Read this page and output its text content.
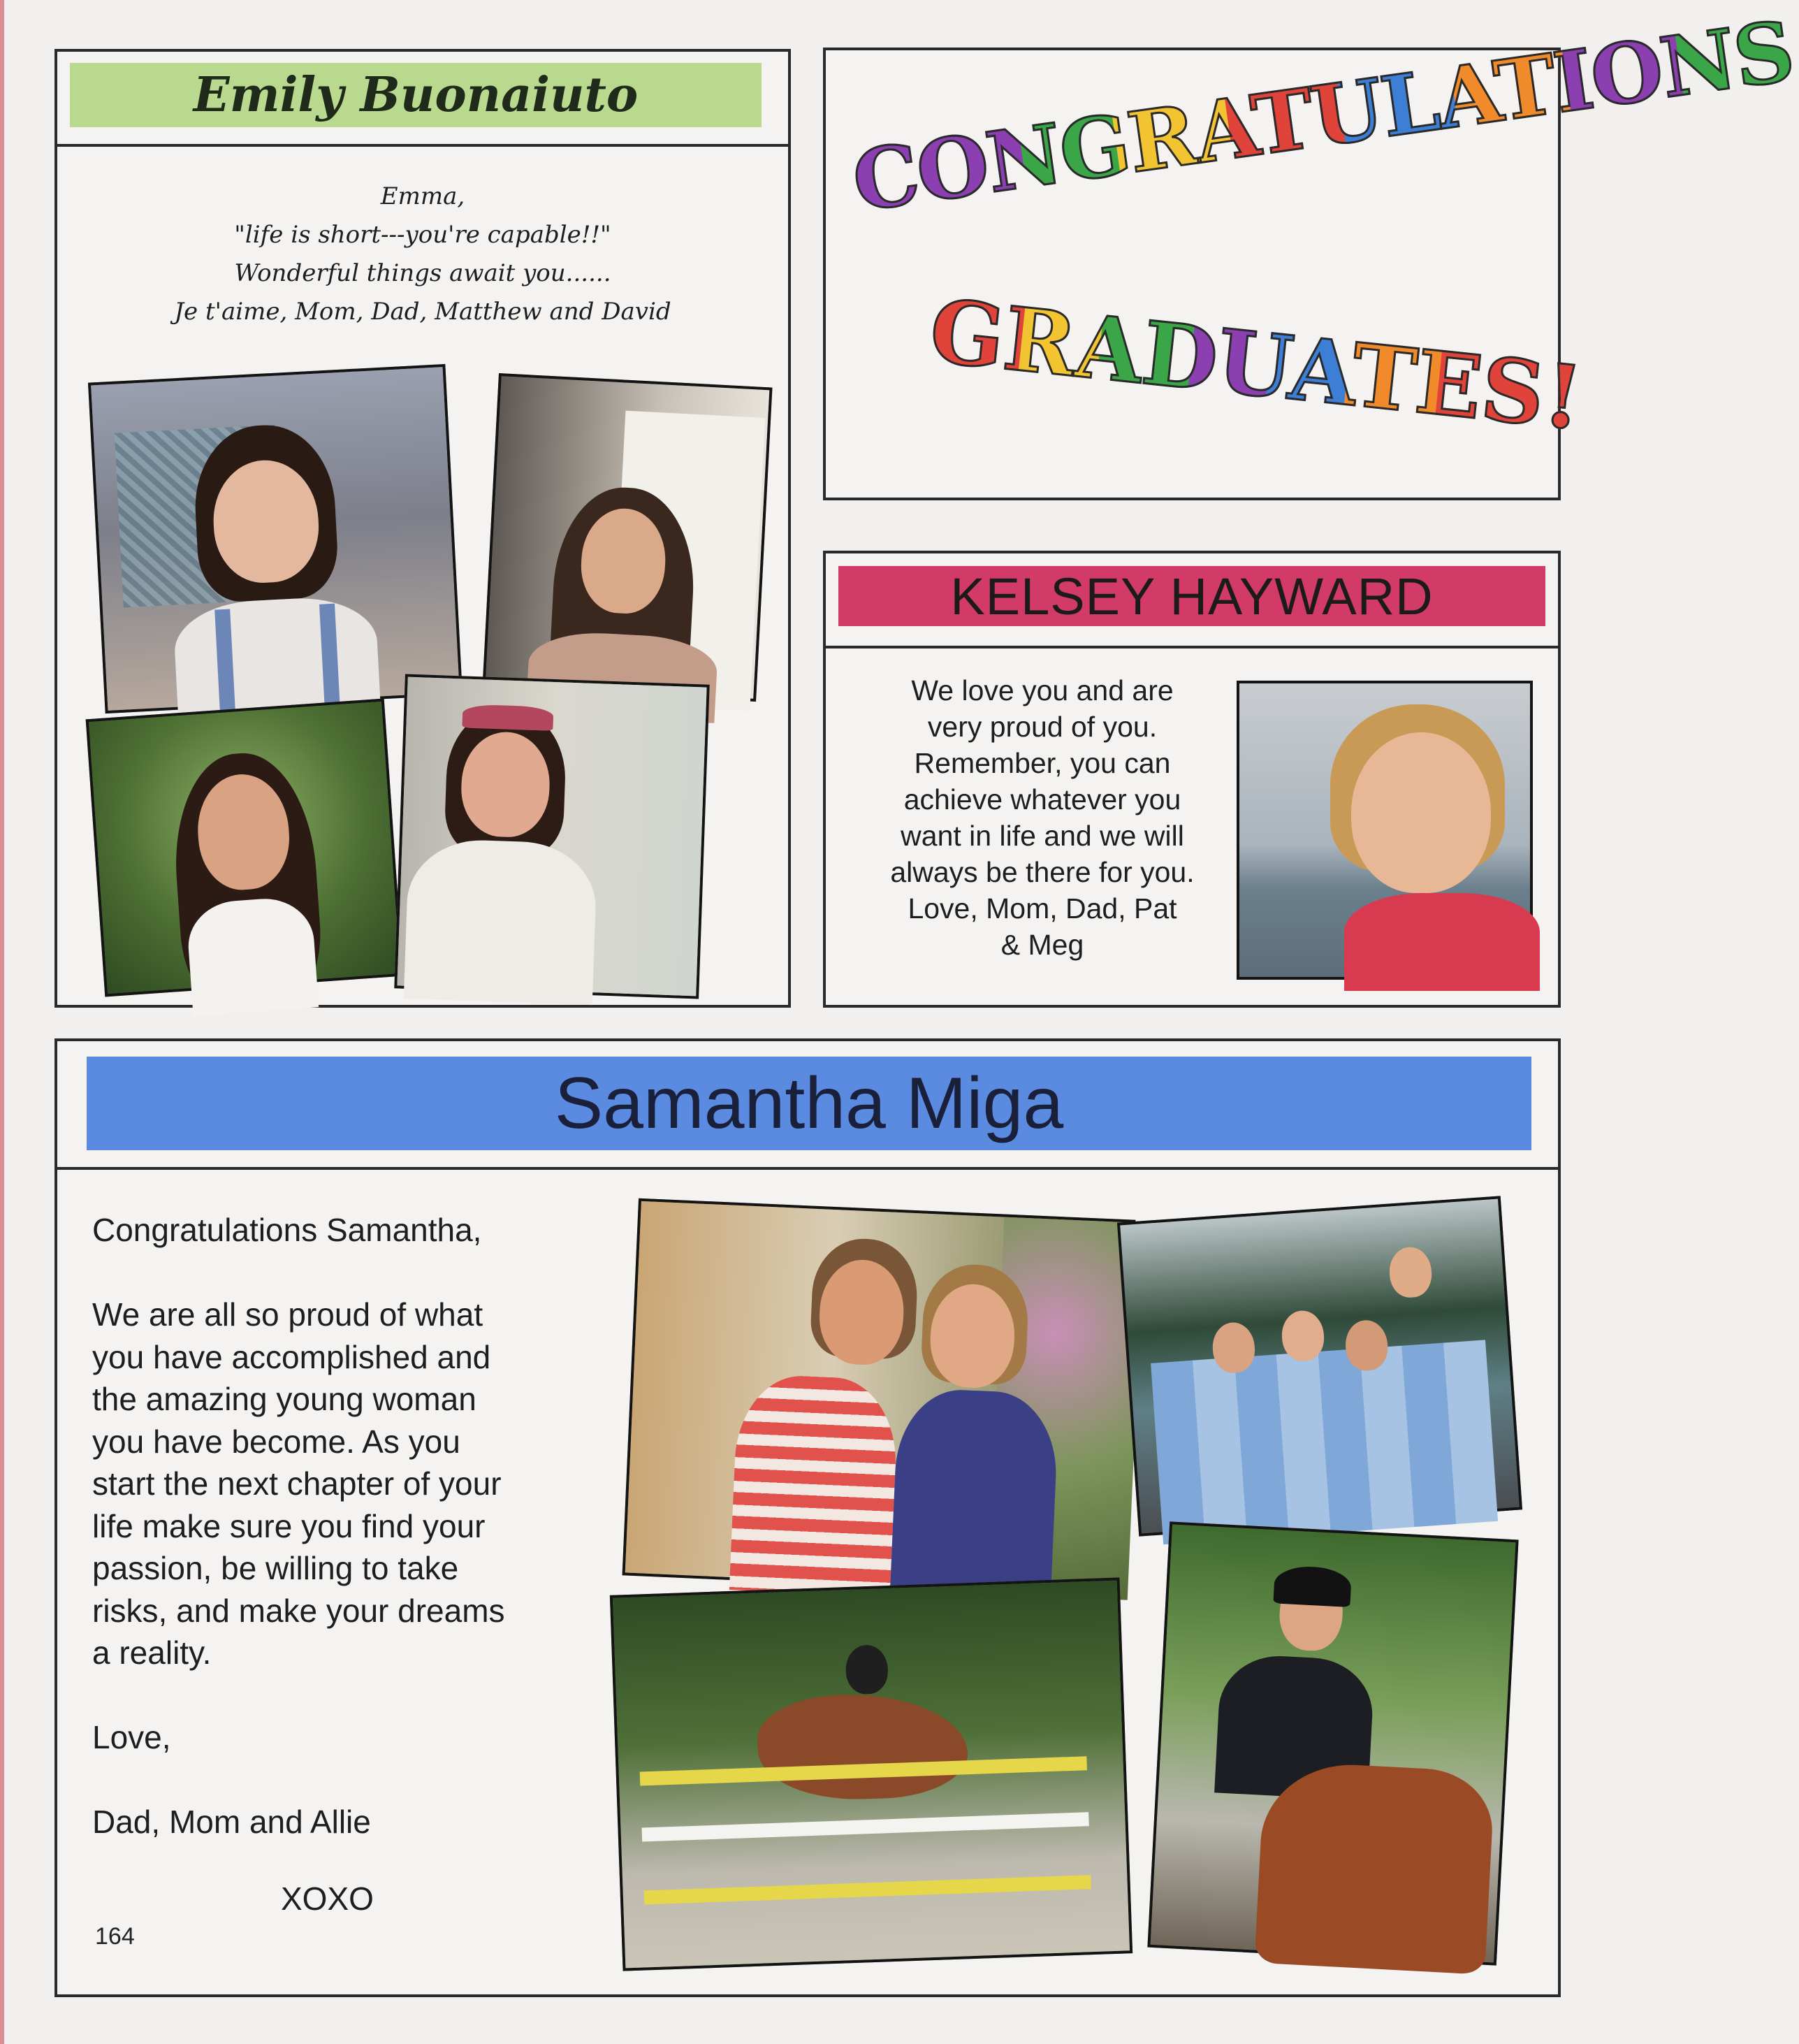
Emily Buonaiuto
Emma,
"life is short---you're capable!!"
Wonderful things await you......
Je t'aime, Mom, Dad, Matthew and David
CONGRATULATIONS
GRADUATES!
KELSEY HAYWARD
We love you and are
very proud of you.
Remember, you can
achieve whatever you
want in life and we will
always be there for you.
Love, Mom, Dad, Pat
& Meg
Samantha Miga
Congratulations Samantha,

We are all so proud of what
you have accomplished and
the amazing young woman
you have become. As you
start the next chapter of your
life make sure you find your
passion, be willing to take
risks, and make your dreams
a reality.
Love,
Dad, Mom and Allie
XOXO
164
